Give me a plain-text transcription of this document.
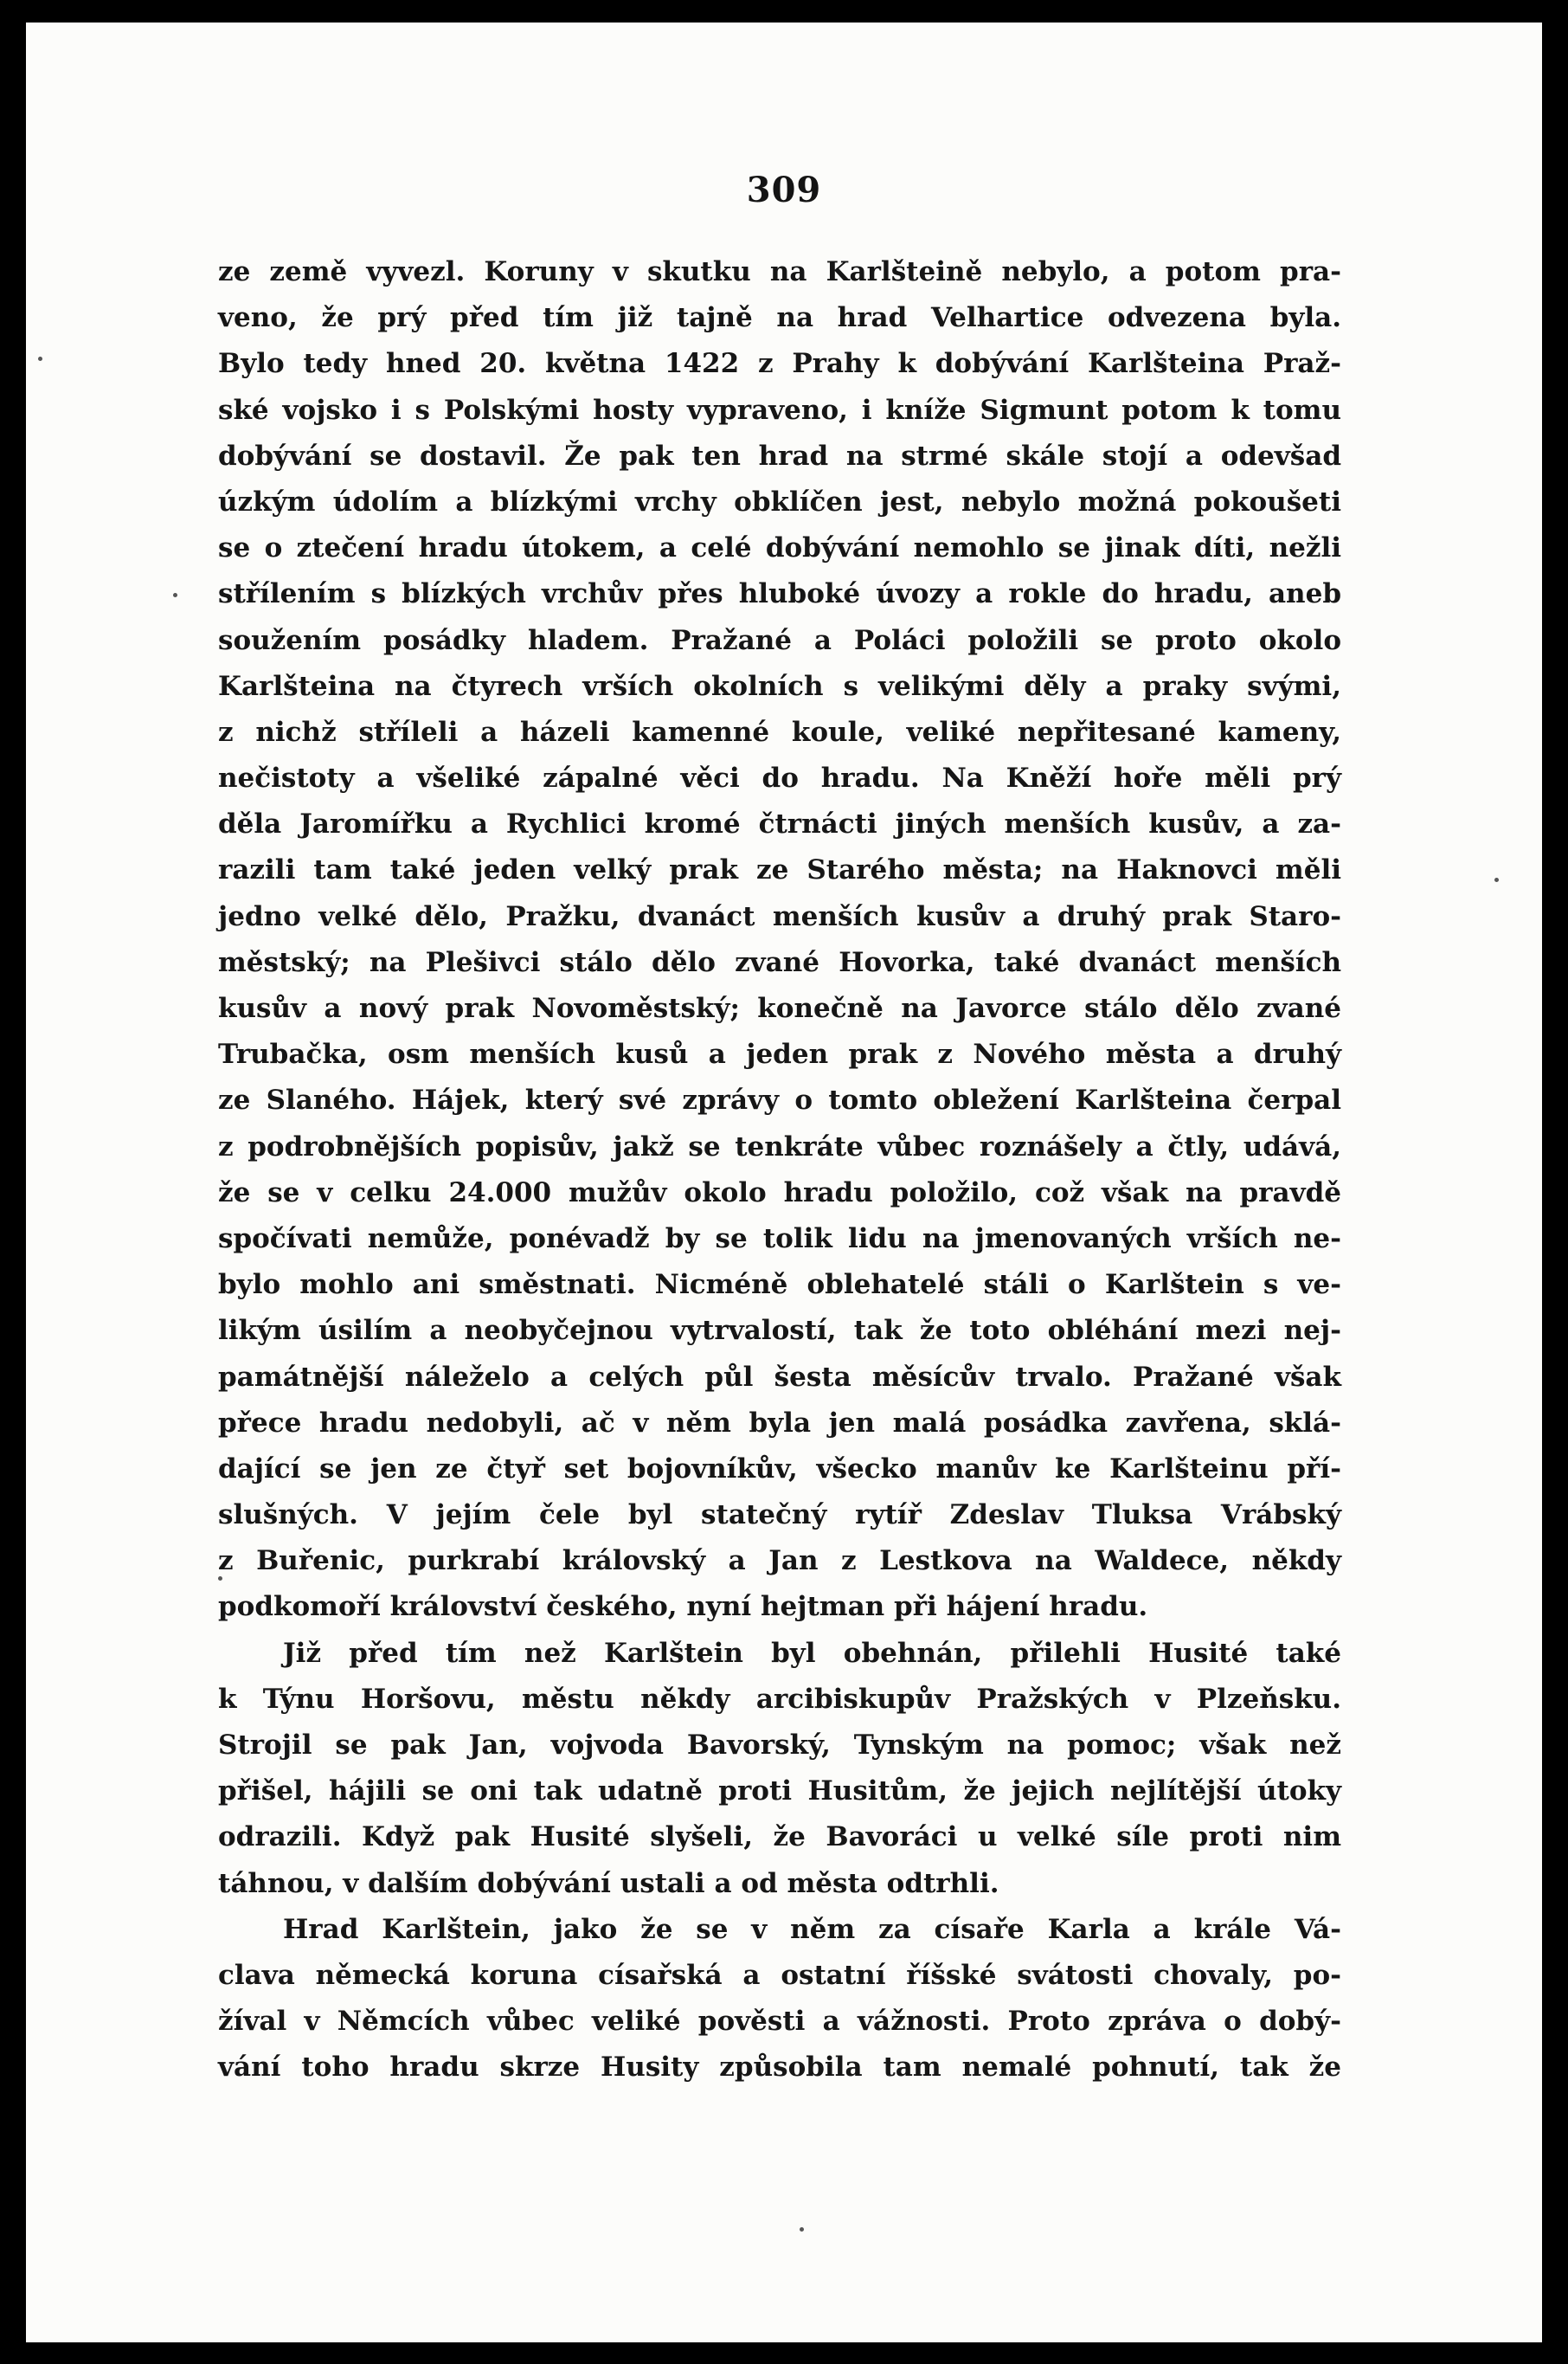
309
ze země vyvezl. Koruny v skutku na Karlšteině nebylo, a potom pra-
veno, že prý před tím již tajně na hrad Velhartice odvezena byla.
Bylo tedy hned 20. května 1422 z Prahy k dobývání Karlšteina Praž-
ské vojsko i s Polskými hosty vypraveno, i kníže Sigmunt potom k tomu
dobývání se dostavil. Že pak ten hrad na strmé skále stojí a odevšad
úzkým údolím a blízkými vrchy obklíčen jest, nebylo možná pokoušeti
se o ztečení hradu útokem, a celé dobývání nemohlo se jinak díti, nežli
střílením s blízkých vrchův přes hluboké úvozy a rokle do hradu, aneb
soužením posádky hladem. Pražané a Poláci položili se proto okolo
Karlšteina na čtyrech vrších okolních s velikými děly a praky svými,
z nichž stříleli a házeli kamenné koule, veliké nepřitesané kameny,
nečistoty a všeliké zápalné věci do hradu. Na Kněží hoře měli prý
děla Jaromířku a Rychlici kromé čtrnácti jiných menších kusův, a za-
razili tam také jeden velký prak ze Starého města; na Haknovci měli
jedno velké dělo, Pražku, dvanáct menších kusův a druhý prak Staro-
městský; na Plešivci stálo dělo zvané Hovorka, také dvanáct menších
kusův a nový prak Novoměstský; konečně na Javorce stálo dělo zvané
Trubačka, osm menších kusů a jeden prak z Nového města a druhý
ze Slaného. Hájek, který své zprávy o tomto obležení Karlšteina čerpal
z podrobnějších popisův, jakž se tenkráte vůbec roznášely a čtly, udává,
že se v celku 24.000 mužův okolo hradu položilo, což však na pravdě
spočívati nemůže, ponévadž by se tolik lidu na jmenovaných vrších ne-
bylo mohlo ani směstnati. Nicméně oblehatelé stáli o Karlštein s ve-
likým úsilím a neobyčejnou vytrvalostí, tak že toto obléhání mezi nej-
památnější náleželo a celých půl šesta měsícův trvalo. Pražané však
přece hradu nedobyli, ač v něm byla jen malá posádka zavřena, sklá-
dající se jen ze čtyř set bojovníkův, všecko manův ke Karlšteinu pří-
slušných. V jejím čele byl statečný rytíř Zdeslav Tluksa Vrábský
z Buřenic, purkrabí královský a Jan z Lestkova na Waldece, někdy
podkomoří království českého, nyní hejtman při hájení hradu.
Již před tím než Karlštein byl obehnán, přilehli Husité také
k Týnu Horšovu, městu někdy arcibiskupův Pražských v Plzeňsku.
Strojil se pak Jan, vojvoda Bavorský, Tynským na pomoc; však než
přišel, hájili se oni tak udatně proti Husitům, že jejich nejlítější útoky
odrazili. Když pak Husité slyšeli, že Bavoráci u velké síle proti nim
táhnou, v dalším dobývání ustali a od města odtrhli.
Hrad Karlštein, jako že se v něm za císaře Karla a krále Vá-
clava německá koruna císařská a ostatní říšské svátosti chovaly, po-
žíval v Němcích vůbec veliké pověsti a vážnosti. Proto zpráva o dobý-
vání toho hradu skrze Husity způsobila tam nemalé pohnutí, tak že
